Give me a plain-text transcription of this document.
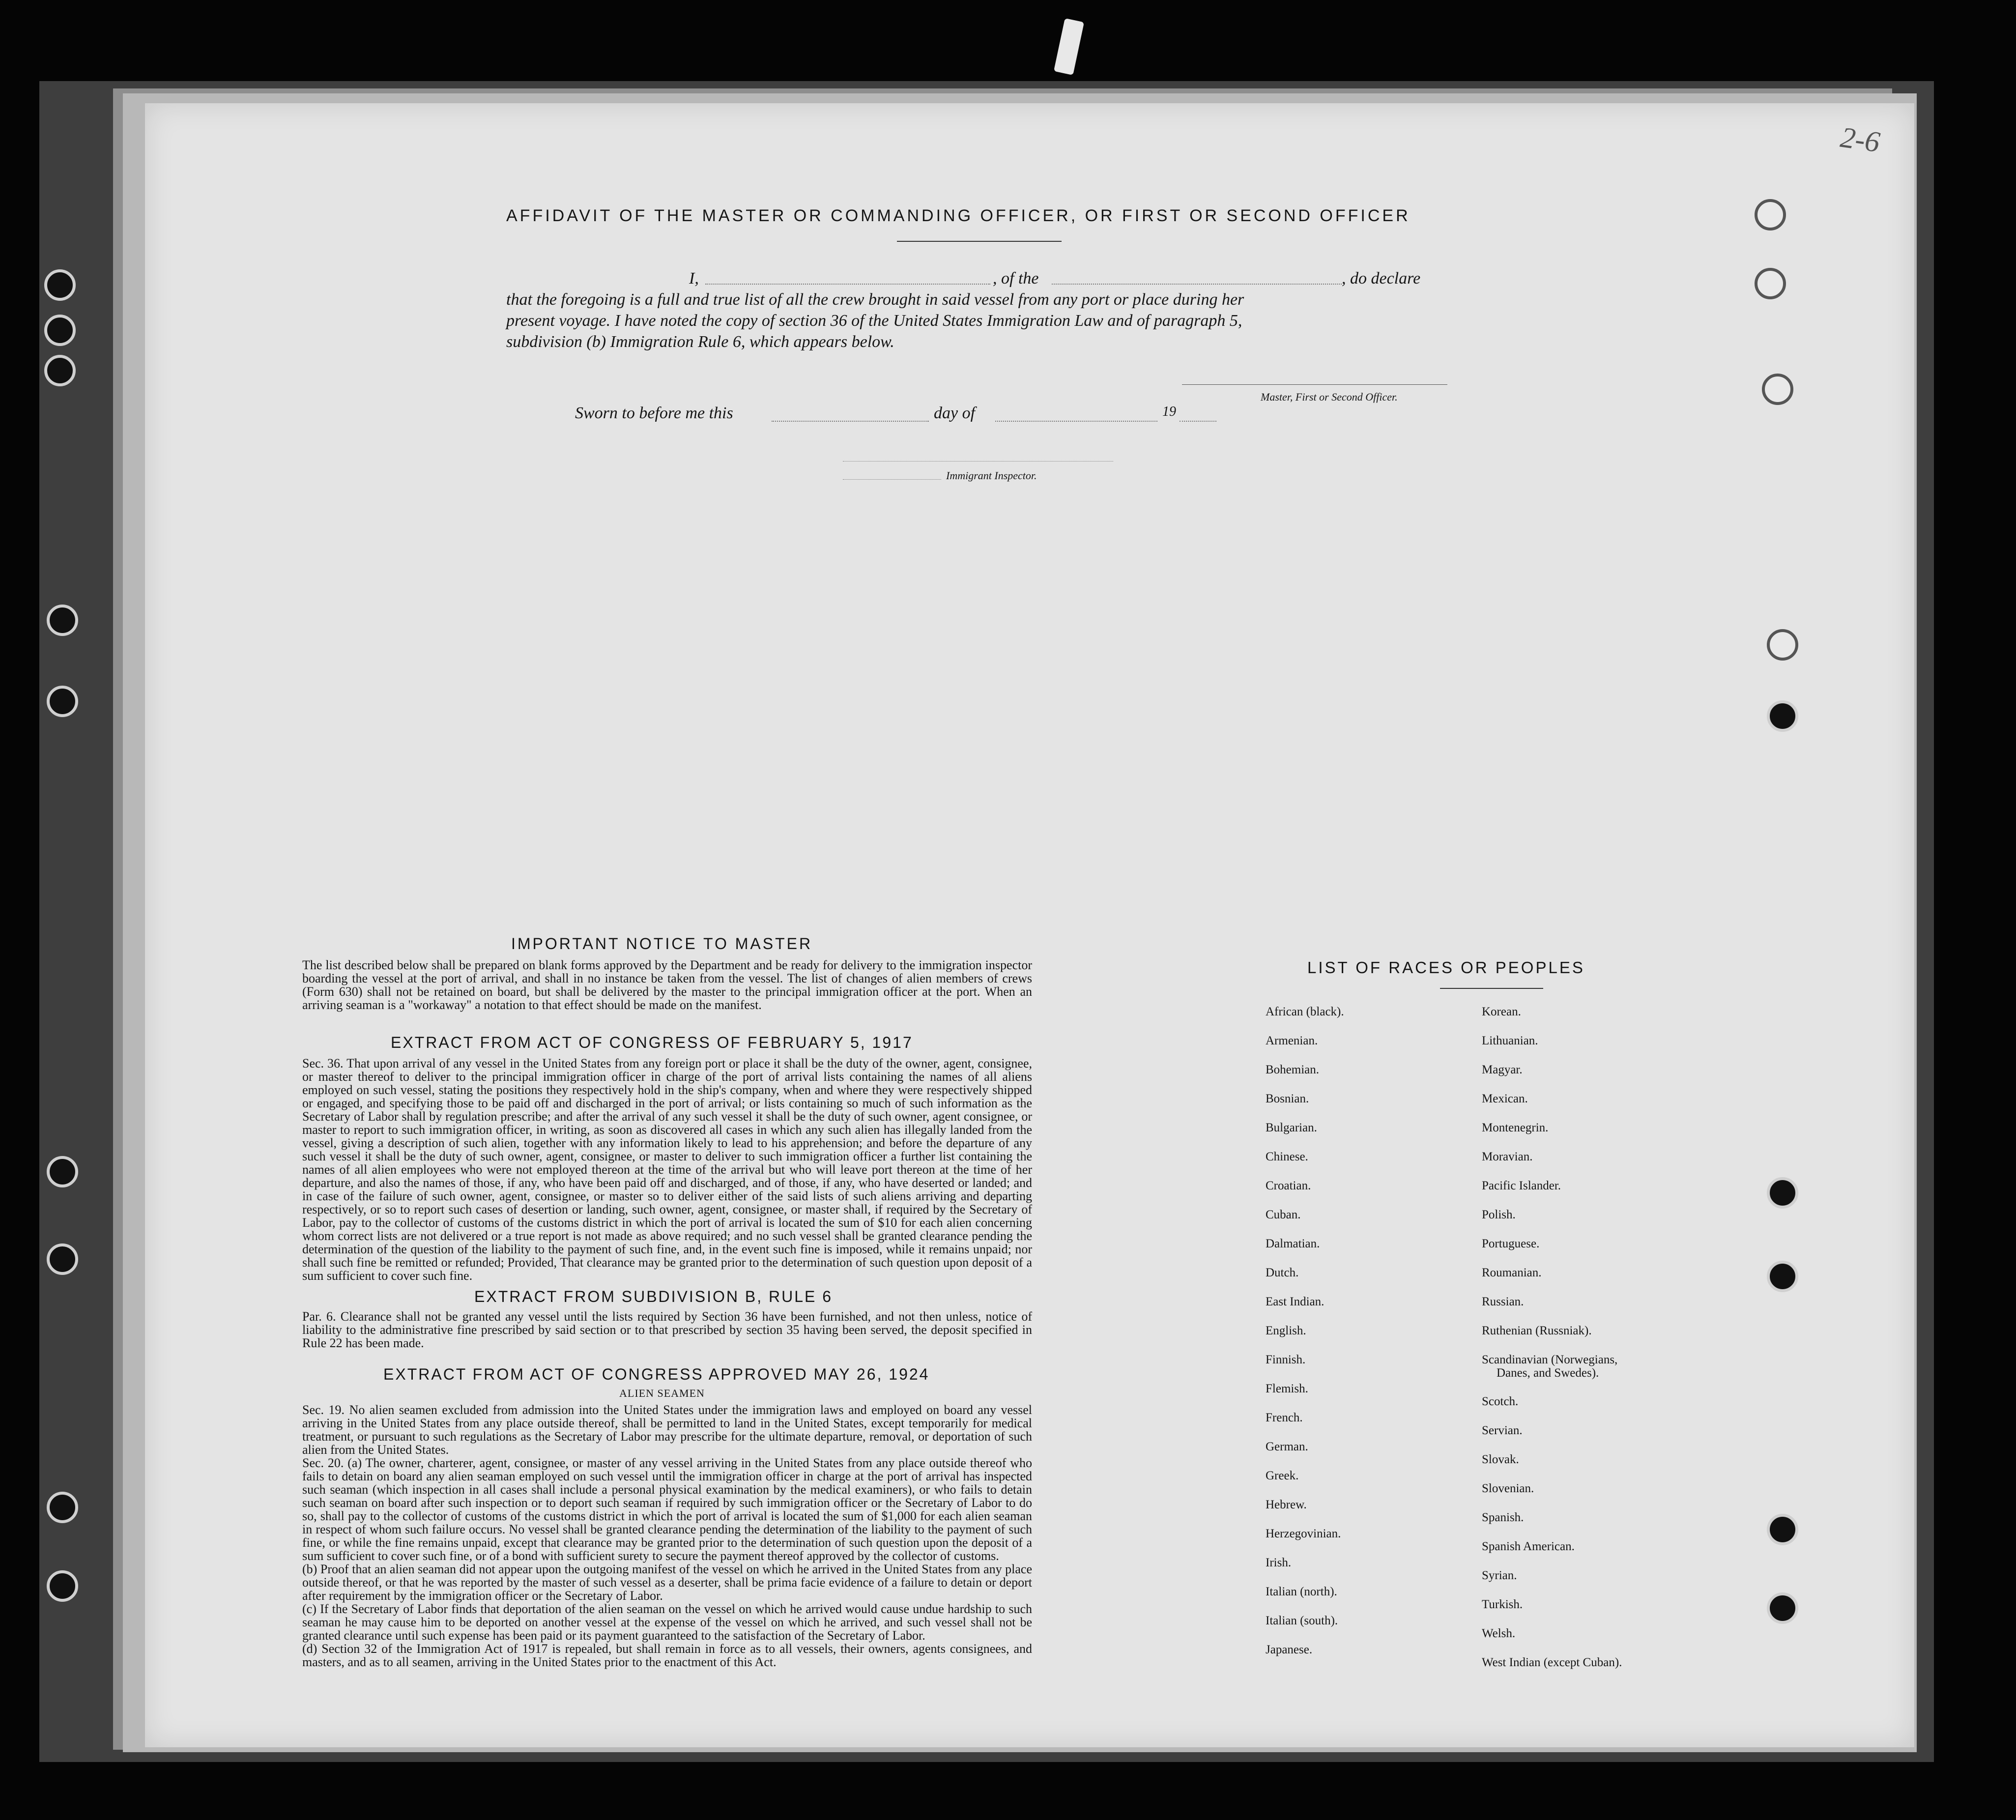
AFFIDAVIT OF THE MASTER OR COMMANDING OFFICER, OR FIRST OR SECOND OFFICER
I,	, of the	, do declare
that the foregoing is a full and true list of all the crew brought in said vessel from any port or place during her
present voyage. I have noted the copy of section 36 of the United States Immigration Law and of paragraph 5,
subdivision (b) Immigration Rule 6, which appears below.
Master, First or Second Officer.
Sworn to before me this	day of	19
Immigrant Inspector.
IMPORTANT NOTICE TO MASTER
The list described below shall be prepared on blank forms approved by the Department and be ready for delivery to the immigration inspector boarding the vessel at the port of arrival, and shall in no instance be taken from the vessel. The list of changes of alien members of crews (Form 630) shall not be retained on board, but shall be delivered by the master to the principal immigration officer at the port. When an arriving seaman is a "workaway" a notation to that effect should be made on the manifest.
EXTRACT FROM ACT OF CONGRESS OF FEBRUARY 5, 1917
Sec. 36. That upon arrival of any vessel in the United States from any foreign port or place it shall be the duty of the owner, agent, consignee, or master thereof to deliver to the principal immigration officer in charge of the port of arrival lists containing the names of all aliens employed on such vessel, stating the positions they respectively hold in the ship's company, when and where they were respectively shipped or engaged, and specifying those to be paid off and discharged in the port of arrival; or lists containing so much of such information as the Secretary of Labor shall by regulation prescribe; and after the arrival of any such vessel it shall be the duty of such owner, agent consignee, or master to report to such immigration officer, in writing, as soon as discovered all cases in which any such alien has illegally landed from the vessel, giving a description of such alien, together with any information likely to lead to his apprehension; and before the departure of any such vessel it shall be the duty of such owner, agent, consignee, or master to deliver to such immigration officer a further list containing the names of all alien employees who were not employed thereon at the time of the arrival but who will leave port thereon at the time of her departure, and also the names of those, if any, who have been paid off and discharged, and of those, if any, who have deserted or landed; and in case of the failure of such owner, agent, consignee, or master so to deliver either of the said lists of such aliens arriving and departing respectively, or so to report such cases of desertion or landing, such owner, agent, consignee, or master shall, if required by the Secretary of Labor, pay to the collector of customs of the customs district in which the port of arrival is located the sum of $10 for each alien concerning whom correct lists are not delivered or a true report is not made as above required; and no such vessel shall be granted clearance pending the determination of the question of the liability to the payment of such fine, and, in the event such fine is imposed, while it remains unpaid; nor shall such fine be remitted or refunded; Provided, That clearance may be granted prior to the determination of such question upon deposit of a sum sufficient to cover such fine.
EXTRACT FROM SUBDIVISION B, RULE 6
Par. 6. Clearance shall not be granted any vessel until the lists required by Section 36 have been furnished, and not then unless, notice of liability to the administrative fine prescribed by said section or to that prescribed by section 35 having been served, the deposit specified in Rule 22 has been made.
EXTRACT FROM ACT OF CONGRESS APPROVED MAY 26, 1924
ALIEN SEAMEN
Sec. 19. No alien seamen excluded from admission into the United States under the immigration laws and employed on board any vessel arriving in the United States from any place outside thereof, shall be permitted to land in the United States, except temporarily for medical treatment, or pursuant to such regulations as the Secretary of Labor may prescribe for the ultimate departure, removal, or deportation of such alien from the United States.
Sec. 20. (a) The owner, charterer, agent, consignee, or master of any vessel arriving in the United States from any place outside thereof who fails to detain on board any alien seaman employed on such vessel until the immigration officer in charge at the port of arrival has inspected such seaman (which inspection in all cases shall include a personal physical examination by the medical examiners), or who fails to detain such seaman on board after such inspection or to deport such seaman if required by such immigration officer or the Secretary of Labor to do so, shall pay to the collector of customs of the customs district in which the port of arrival is located the sum of $1,000 for each alien seaman in respect of whom such failure occurs. No vessel shall be granted clearance pending the determination of the liability to the payment of such fine, or while the fine remains unpaid, except that clearance may be granted prior to the determination of such question upon the deposit of a sum sufficient to cover such fine, or of a bond with sufficient surety to secure the payment thereof approved by the collector of customs.
(b) Proof that an alien seaman did not appear upon the outgoing manifest of the vessel on which he arrived in the United States from any place outside thereof, or that he was reported by the master of such vessel as a deserter, shall be prima facie evidence of a failure to detain or deport after requirement by the immigration officer or the Secretary of Labor.
(c) If the Secretary of Labor finds that deportation of the alien seaman on the vessel on which he arrived would cause undue hardship to such seaman he may cause him to be deported on another vessel at the expense of the vessel on which he arrived, and such vessel shall not be granted clearance until such expense has been paid or its payment guaranteed to the satisfaction of the Secretary of Labor.
(d) Section 32 of the Immigration Act of 1917 is repealed, but shall remain in force as to all vessels, their owners, agents consignees, and masters, and as to all seamen, arriving in the United States prior to the enactment of this Act.
LIST OF RACES OR PEOPLES
African (black).
Armenian.
Bohemian.
Bosnian.
Bulgarian.
Chinese.
Croatian.
Cuban.
Dalmatian.
Dutch.
East Indian.
English.
Finnish.
Flemish.
French.
German.
Greek.
Hebrew.
Herzegovinian.
Irish.
Italian (north).
Italian (south).
Japanese.
Korean.
Lithuanian.
Magyar.
Mexican.
Montenegrin.
Moravian.
Pacific Islander.
Polish.
Portuguese.
Roumanian.
Russian.
Ruthenian (Russniak).
Scandinavian (Norwegians,
Danes, and Swedes).
Scotch.
Servian.
Slovak.
Slovenian.
Spanish.
Spanish American.
Syrian.
Turkish.
Welsh.
West Indian (except Cuban).
2-6
